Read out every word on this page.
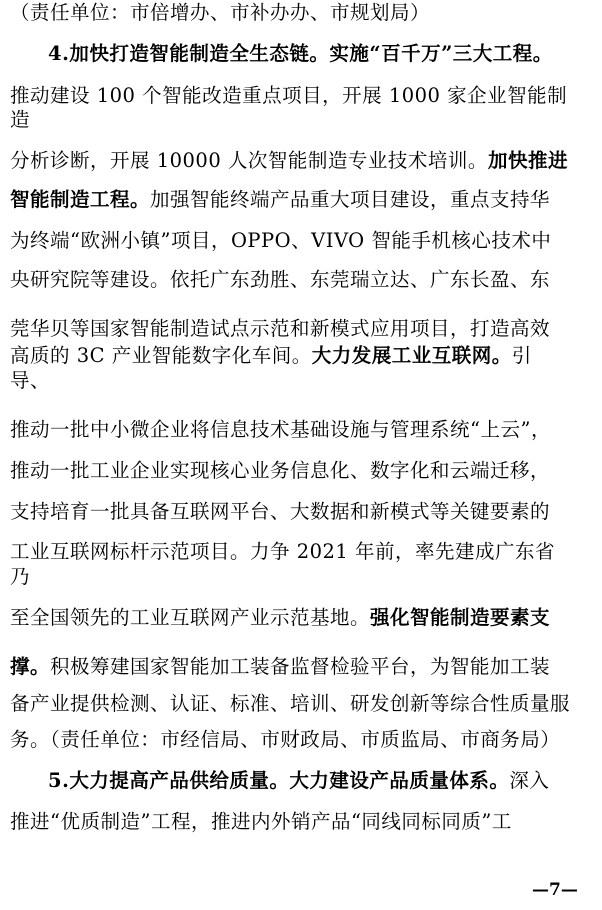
（责任单位：市倍增办、市补办办、市规划局）
4.加快打造智能制造全生态链。实施“百千万”三大工程。
推动建设 100 个智能改造重点项目，开展 1000 家企业智能制
造
分析诊断，开展 10000 人次智能制造专业技术培训。加快推进
智能制造工程。加强智能终端产品重大项目建设，重点支持华
为终端“欧洲小镇”项目，OPPO、VIVO 智能手机核心技术中
央研究院等建设。依托广东劲胜、东莞瑞立达、广东长盈、东
莞华贝等国家智能制造试点示范和新模式应用项目，打造高效
高质的 3C 产业智能数字化车间。大力发展工业互联网。引
导、
推动一批中小微企业将信息技术基础设施与管理系统“上云”，
推动一批工业企业实现核心业务信息化、数字化和云端迁移，
支持培育一批具备互联网平台、大数据和新模式等关键要素的
工业互联网标杆示范项目。力争 2021 年前，率先建成广东省
乃
至全国领先的工业互联网产业示范基地。强化智能制造要素支
撑。积极筹建国家智能加工装备监督检验平台，为智能加工装
备产业提供检测、认证、标准、培训、研发创新等综合性质量服
务。（责任单位：市经信局、市财政局、市质监局、市商务局）
5.大力提高产品供给质量。大力建设产品质量体系。深入
推进“优质制造”工程，推进内外销产品“同线同标同质”工
—7—
